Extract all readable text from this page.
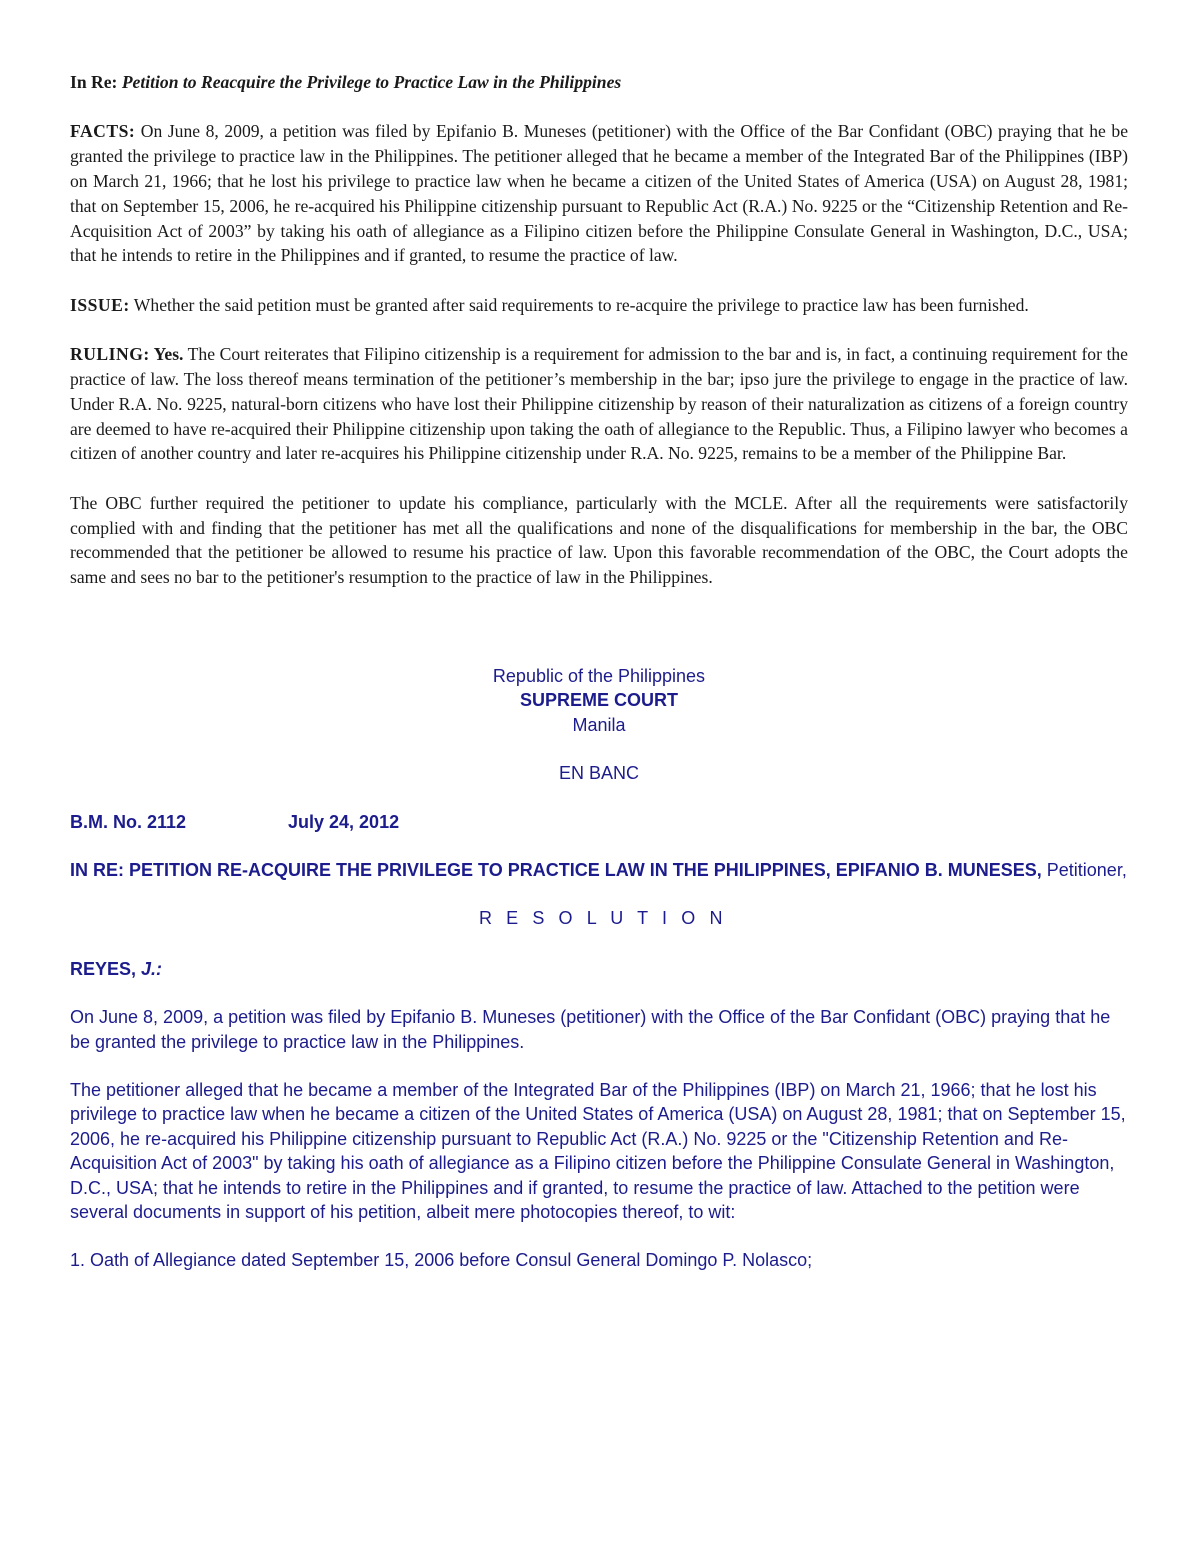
In Re: Petition to Reacquire the Privilege to Practice Law in the Philippines

FACTS: On June 8, 2009, a petition was filed by Epifanio B. Muneses (petitioner) with the Office of the Bar Confidant (OBC) praying that he be granted the privilege to practice law in the Philippines. The petitioner alleged that he became a member of the Integrated Bar of the Philippines (IBP) on March 21, 1966; that he lost his privilege to practice law when he became a citizen of the United States of America (USA) on August 28, 1981; that on September 15, 2006, he re-acquired his Philippine citizenship pursuant to Republic Act (R.A.) No. 9225 or the “Citizenship Retention and Re-Acquisition Act of 2003” by taking his oath of allegiance as a Filipino citizen before the Philippine Consulate General in Washington, D.C., USA; that he intends to retire in the Philippines and if granted, to resume the practice of law.

ISSUE: Whether the said petition must be granted after said requirements to re-acquire the privilege to practice law has been furnished.

RULING: Yes. The Court reiterates that Filipino citizenship is a requirement for admission to the bar and is, in fact, a continuing requirement for the practice of law. The loss thereof means termination of the petitioner’s membership in the bar; ipso jure the privilege to engage in the practice of law. Under R.A. No. 9225, natural-born citizens who have lost their Philippine citizenship by reason of their naturalization as citizens of a foreign country are deemed to have re-acquired their Philippine citizenship upon taking the oath of allegiance to the Republic. Thus, a Filipino lawyer who becomes a citizen of another country and later re-acquires his Philippine citizenship under R.A. No. 9225, remains to be a member of the Philippine Bar.

The OBC further required the petitioner to update his compliance, particularly with the MCLE. After all the requirements were satisfactorily complied with and finding that the petitioner has met all the qualifications and none of the disqualifications for membership in the bar, the OBC recommended that the petitioner be allowed to resume his practice of law. Upon this favorable recommendation of the OBC, the Court adopts the same and sees no bar to the petitioner's resumption to the practice of law in the Philippines.

Republic of the Philippines
SUPREME COURT
Manila
EN BANC
B.M. No. 2112	July 24, 2012
IN RE: PETITION RE-ACQUIRE THE PRIVILEGE TO PRACTICE LAW IN THE PHILIPPINES, EPIFANIO B. MUNESES, Petitioner,
R E S O L U T I O N
REYES, J.:

On June 8, 2009, a petition was filed by Epifanio B. Muneses (petitioner) with the Office of the Bar Confidant (OBC) praying that he be granted the privilege to practice law in the Philippines.

The petitioner alleged that he became a member of the Integrated Bar of the Philippines (IBP) on March 21, 1966; that he lost his privilege to practice law when he became a citizen of the United States of America (USA) on August 28, 1981; that on September 15, 2006, he re-acquired his Philippine citizenship pursuant to Republic Act (R.A.) No. 9225 or the "Citizenship Retention and Re-Acquisition Act of 2003" by taking his oath of allegiance as a Filipino citizen before the Philippine Consulate General in Washington, D.C., USA; that he intends to retire in the Philippines and if granted, to resume the practice of law. Attached to the petition were several documents in support of his petition, albeit mere photocopies thereof, to wit:

1. Oath of Allegiance dated September 15, 2006 before Consul General Domingo P. Nolasco;
